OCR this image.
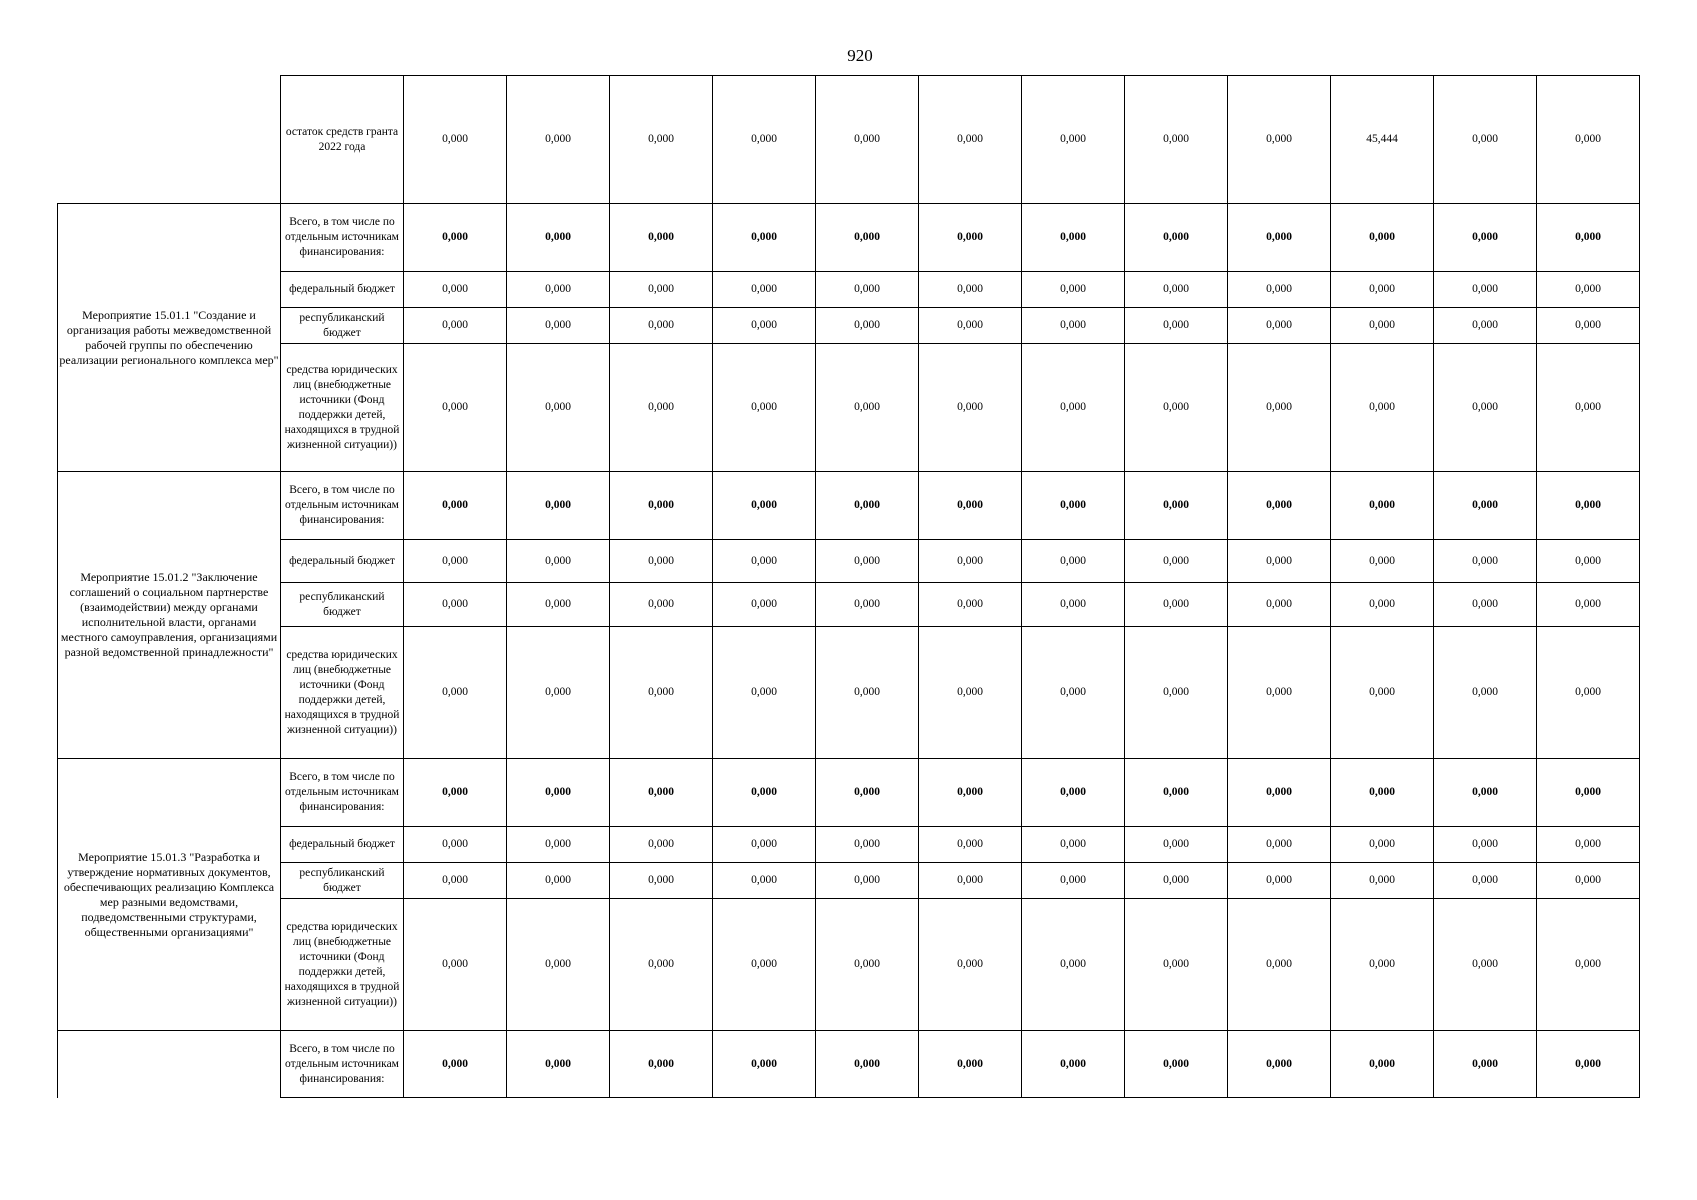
920
	остаток средств гранта 2022 года	0,000	0,000	0,000	0,000	0,000	0,000	0,000	0,000	0,000	45,444	0,000	0,000
Мероприятие 15.01.1 "Создание и организация работы межведомственной рабочей группы по обеспечению реализации регионального комплекса мер"	Всего, в том числе по отдельным источникам финансирования:	0,000	0,000	0,000	0,000	0,000	0,000	0,000	0,000	0,000	0,000	0,000	0,000
	федеральный бюджет	0,000	0,000	0,000	0,000	0,000	0,000	0,000	0,000	0,000	0,000	0,000	0,000
	республиканский бюджет	0,000	0,000	0,000	0,000	0,000	0,000	0,000	0,000	0,000	0,000	0,000	0,000
	средства юридических лиц (внебюджетные источники (Фонд поддержки детей, находящихся в трудной жизненной ситуации))	0,000	0,000	0,000	0,000	0,000	0,000	0,000	0,000	0,000	0,000	0,000	0,000
Мероприятие 15.01.2 "Заключение соглашений о социальном партнерстве (взаимодействии) между органами исполнительной власти, органами местного самоуправления, организациями разной ведомственной принадлежности"	Всего, в том числе по отдельным источникам финансирования:	0,000	0,000	0,000	0,000	0,000	0,000	0,000	0,000	0,000	0,000	0,000	0,000
	федеральный бюджет	0,000	0,000	0,000	0,000	0,000	0,000	0,000	0,000	0,000	0,000	0,000	0,000
	республиканский бюджет	0,000	0,000	0,000	0,000	0,000	0,000	0,000	0,000	0,000	0,000	0,000	0,000
	средства юридических лиц (внебюджетные источники (Фонд поддержки детей, находящихся в трудной жизненной ситуации))	0,000	0,000	0,000	0,000	0,000	0,000	0,000	0,000	0,000	0,000	0,000	0,000
Мероприятие 15.01.3 "Разработка и утверждение нормативных документов, обеспечивающих реализацию Комплекса мер разными ведомствами, подведомственными структурами, общественными организациями"	Всего, в том числе по отдельным источникам финансирования:	0,000	0,000	0,000	0,000	0,000	0,000	0,000	0,000	0,000	0,000	0,000	0,000
	федеральный бюджет	0,000	0,000	0,000	0,000	0,000	0,000	0,000	0,000	0,000	0,000	0,000	0,000
	республиканский бюджет	0,000	0,000	0,000	0,000	0,000	0,000	0,000	0,000	0,000	0,000	0,000	0,000
	средства юридических лиц (внебюджетные источники (Фонд поддержки детей, находящихся в трудной жизненной ситуации))	0,000	0,000	0,000	0,000	0,000	0,000	0,000	0,000	0,000	0,000	0,000	0,000
	Всего, в том числе по отдельным источникам финансирования:	0,000	0,000	0,000	0,000	0,000	0,000	0,000	0,000	0,000	0,000	0,000	0,000
